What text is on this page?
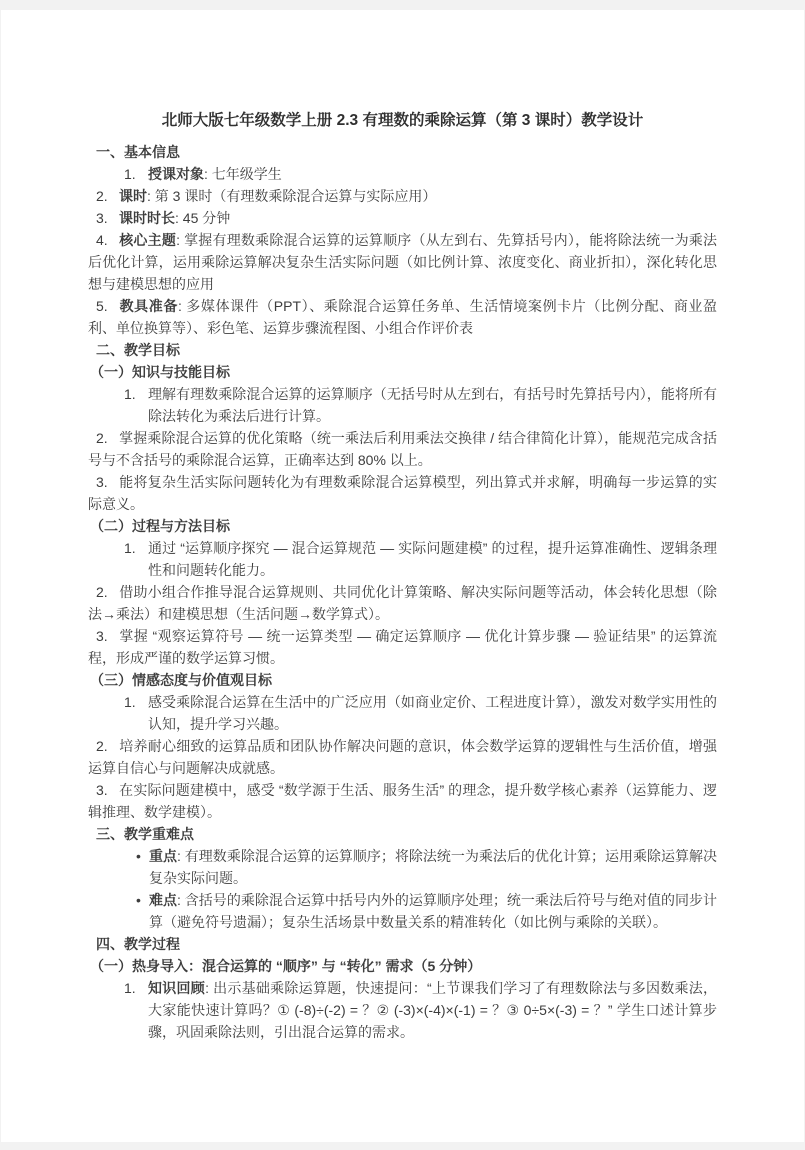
北师大版七年级数学上册 2.3 有理数的乘除运算（第 3 课时）教学设计

一、基本信息

1. 授课对象: 七年级学生

2. 课时: 第 3 课时（有理数乘除混合运算与实际应用）

3. 课时时长: 45 分钟

4. 核心主题: 掌握有理数乘除混合运算的运算顺序（从左到右、先算括号内），能将除法统一为乘法后优化计算，运用乘除运算解决复杂生活实际问题（如比例计算、浓度变化、商业折扣），深化转化思想与建模思想的应用

5. 教具准备: 多媒体课件（PPT）、乘除混合运算任务单、生活情境案例卡片（比例分配、商业盈利、单位换算等）、彩色笔、运算步骤流程图、小组合作评价表

二、教学目标

（一）知识与技能目标

1. 理解有理数乘除混合运算的运算顺序（无括号时从左到右，有括号时先算括号内），能将所有除法转化为乘法后进行计算。

2. 掌握乘除混合运算的优化策略（统一乘法后利用乘法交换律 / 结合律简化计算），能规范完成含括号与不含括号的乘除混合运算，正确率达到 80% 以上。

3. 能将复杂生活实际问题转化为有理数乘除混合运算模型，列出算式并求解，明确每一步运算的实际意义。

（二）过程与方法目标

1. 通过 “运算顺序探究 — 混合运算规范 — 实际问题建模” 的过程，提升运算准确性、逻辑条理性和问题转化能力。

2. 借助小组合作推导混合运算规则、共同优化计算策略、解决实际问题等活动，体会转化思想（除法→乘法）和建模思想（生活问题→数学算式）。

3. 掌握 “观察运算符号 — 统一运算类型 — 确定运算顺序 — 优化计算步骤 — 验证结果” 的运算流程，形成严谨的数学运算习惯。

（三）情感态度与价值观目标

1. 感受乘除混合运算在生活中的广泛应用（如商业定价、工程进度计算），激发对数学实用性的认知，提升学习兴趣。

2. 培养耐心细致的运算品质和团队协作解决问题的意识，体会数学运算的逻辑性与生活价值，增强运算自信心与问题解决成就感。

3. 在实际问题建模中，感受 “数学源于生活、服务生活” 的理念，提升数学核心素养（运算能力、逻辑推理、数学建模）。

三、教学重难点

• 重点: 有理数乘除混合运算的运算顺序；将除法统一为乘法后的优化计算；运用乘除运算解决复杂实际问题。
• 难点: 含括号的乘除混合运算中括号内外的运算顺序处理；统一乘法后符号与绝对值的同步计算（避免符号遗漏）；复杂生活场景中数量关系的精准转化（如比例与乘除的关联）。

四、教学过程

（一）热身导入：混合运算的 “顺序” 与 “转化” 需求（5 分钟）

1. 知识回顾: 出示基础乘除运算题，快速提问：“上节课我们学习了有理数除法与多因数乘法，大家能快速计算吗？① (-8)÷(-2) = ？② (-3)×(-4)×(-1) = ？③ 0÷5×(-3) = ？” 学生口述计算步骤，巩固乘除法则，引出混合运算的需求。
